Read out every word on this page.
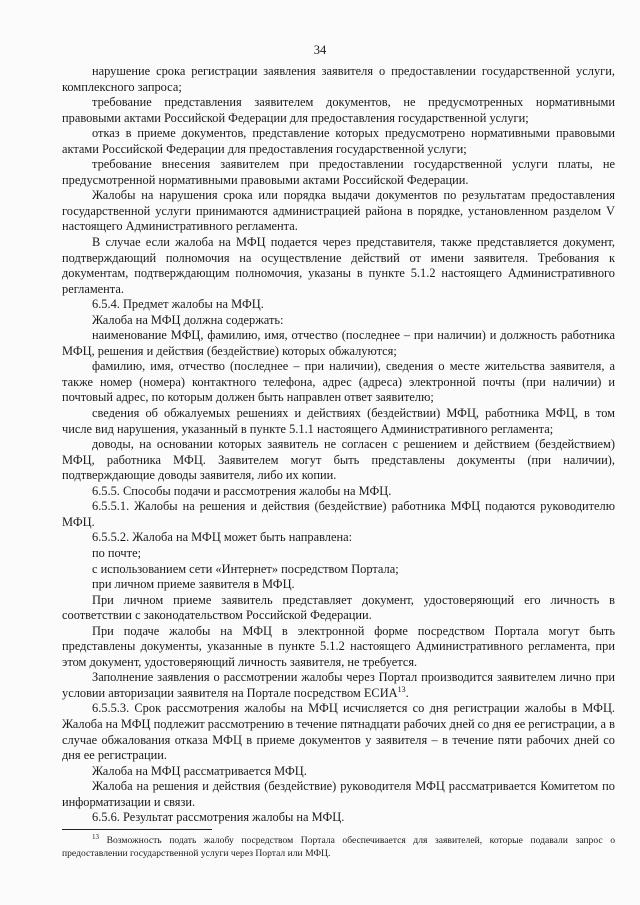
34

нарушение срока регистрации заявления заявителя о предоставлении государственной услуги, комплексного запроса;

требование представления заявителем документов, не предусмотренных нормативными правовыми актами Российской Федерации для предоставления государственной услуги;

отказ в приеме документов, представление которых предусмотрено нормативными правовыми актами Российской Федерации для предоставления государственной услуги;

требование внесения заявителем при предоставлении государственной услуги платы, не предусмотренной нормативными правовыми актами Российской Федерации.

Жалобы на нарушения срока или порядка выдачи документов по результатам предоставления государственной услуги принимаются администрацией района в порядке, установленном разделом V настоящего Административного регламента.

В случае если жалоба на МФЦ подается через представителя, также представляется документ, подтверждающий полномочия на осуществление действий от имени заявителя. Требования к документам, подтверждающим полномочия, указаны в пункте 5.1.2 настоящего Административного регламента.

6.5.4. Предмет жалобы на МФЦ.

Жалоба на МФЦ должна содержать:

наименование МФЦ, фамилию, имя, отчество (последнее – при наличии) и должность работника МФЦ, решения и действия (бездействие) которых обжалуются;

фамилию, имя, отчество (последнее – при наличии), сведения о месте жительства заявителя, а также номер (номера) контактного телефона, адрес (адреса) электронной почты (при наличии) и почтовый адрес, по которым должен быть направлен ответ заявителю;

сведения об обжалуемых решениях и действиях (бездействии) МФЦ, работника МФЦ, в том числе вид нарушения, указанный в пункте 5.1.1 настоящего Административного регламента;

доводы, на основании которых заявитель не согласен с решением и действием (бездействием) МФЦ, работника МФЦ. Заявителем могут быть представлены документы (при наличии), подтверждающие доводы заявителя, либо их копии.

6.5.5. Способы подачи и рассмотрения жалобы на МФЦ.

6.5.5.1. Жалобы на решения и действия (бездействие) работника МФЦ подаются руководителю МФЦ.

6.5.5.2. Жалоба на МФЦ может быть направлена:

по почте;

с использованием сети «Интернет» посредством Портала;

при личном приеме заявителя в МФЦ.

При личном приеме заявитель представляет документ, удостоверяющий его личность в соответствии с законодательством Российской Федерации.

При подаче жалобы на МФЦ в электронной форме посредством Портала могут быть представлены документы, указанные в пункте 5.1.2 настоящего Административного регламента, при этом документ, удостоверяющий личность заявителя, не требуется.

Заполнение заявления о рассмотрении жалобы через Портал производится заявителем лично при условии авторизации заявителя на Портале посредством ЕСИА$^{13}$.

6.5.5.3. Срок рассмотрения жалобы на МФЦ исчисляется со дня регистрации жалобы в МФЦ. Жалоба на МФЦ подлежит рассмотрению в течение пятнадцати рабочих дней со дня ее регистрации, а в случае обжалования отказа МФЦ в приеме документов у заявителя – в течение пяти рабочих дней со дня ее регистрации.

Жалоба на МФЦ рассматривается МФЦ.

Жалоба на решения и действия (бездействие) руководителя МФЦ рассматривается Комитетом по информатизации и связи.

6.5.6. Результат рассмотрения жалобы на МФЦ.

$^{13}$ Возможность подать жалобу посредством Портала обеспечивается для заявителей, которые подавали запрос о предоставлении государственной услуги через Портал или МФЦ.
